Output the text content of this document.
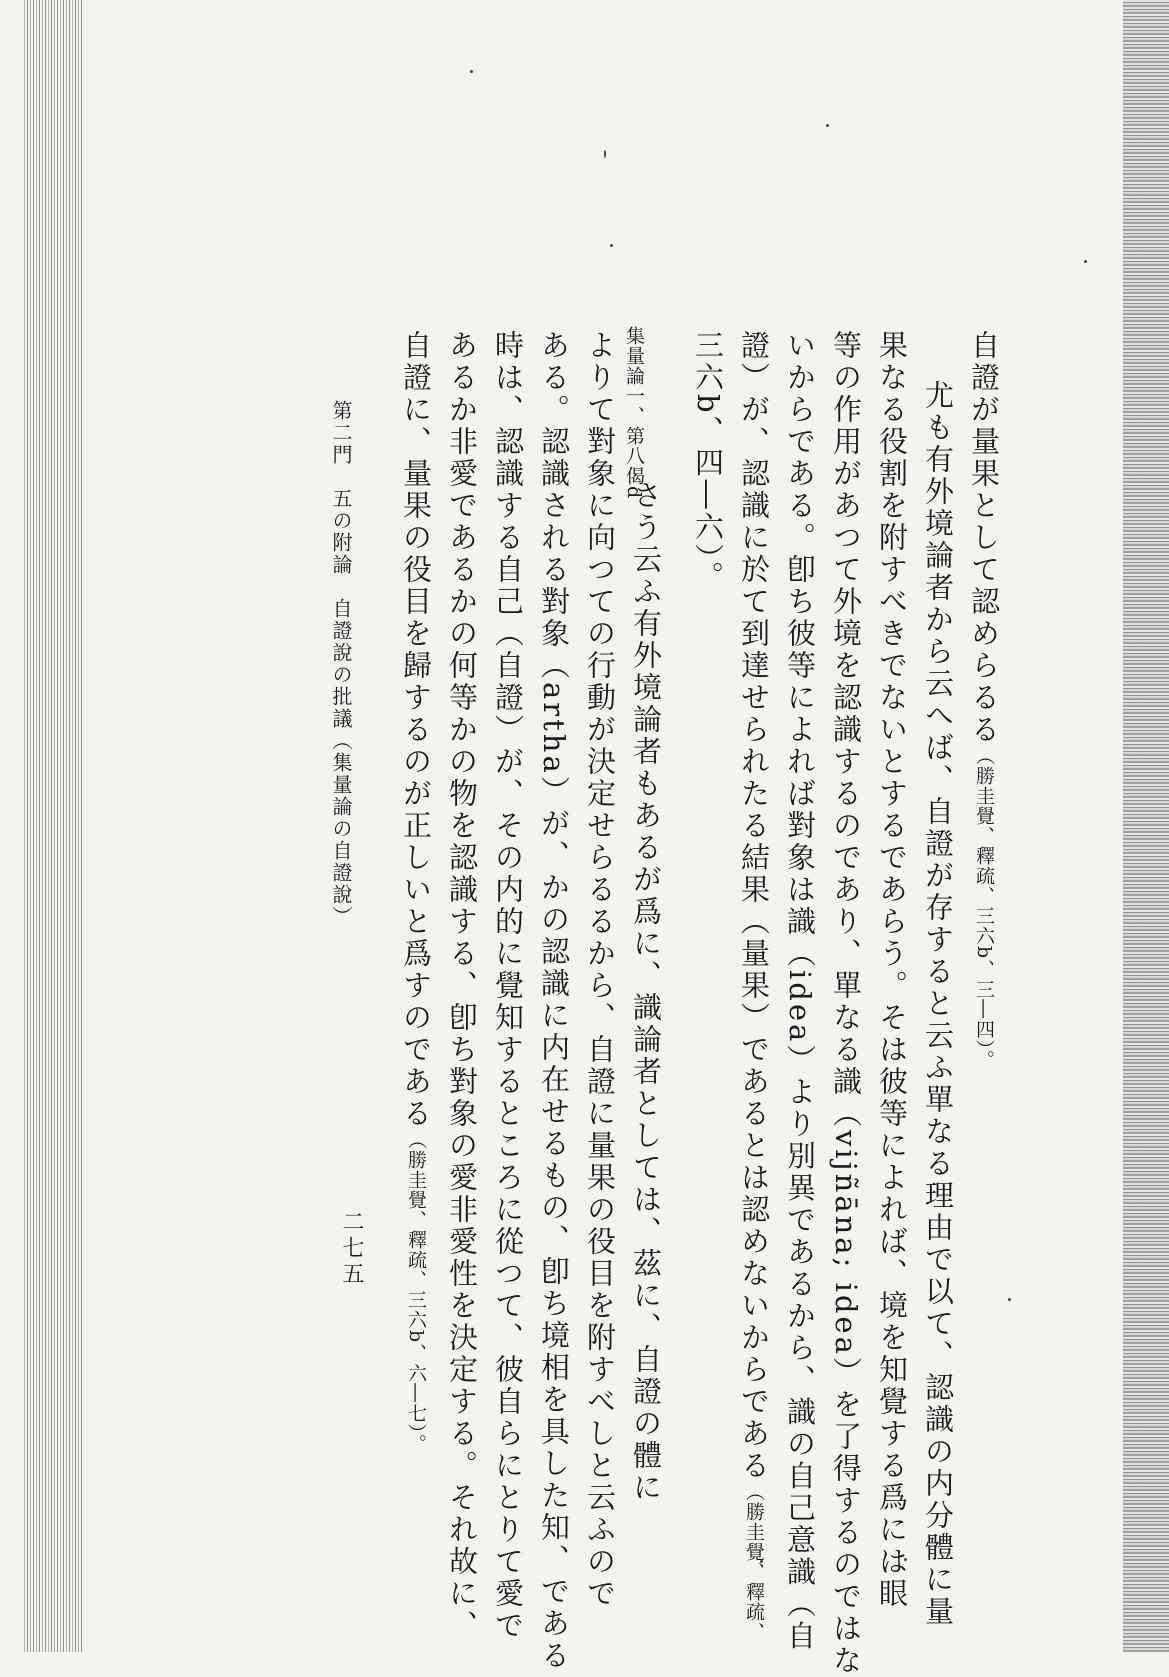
自證が量果として認めらるる（勝圭覺、釋疏、三六b、三―四）。
尤も有外境論者から云へば、自證が存すると云ふ單なる理由で以て、認識の内分體に量
果なる役割を附すべきでないとするであらう。そは彼等によれば、境を知覺する爲には眼
等の作用があつて外境を認識するのであり、單なる識（vijñāna; idea）を了得するのではな
いからである。卽ち彼等によれば對象は識（idea）より別異であるから、識の自己意識（自
證）が、認識に於て到達せられたる結果（量果）であるとは認めないからである（勝圭覺、釋疏、
三六b、四―六）。
集量論一、第八偈d
さう云ふ有外境論者もあるが爲に、識論者としては、茲に、自證の體に
よりて對象に向つての行動が決定せらるるから、自證に量果の役目を附すべしと云ふので
ある。認識される對象（artha）が、かの認識に内在せるもの、卽ち境相を具した知、である
時は、認識する自己（自證）が、その内的に覺知するところに從つて、彼自らにとりて愛で
あるか非愛であるかの何等かの物を認識する、卽ち對象の愛非愛性を決定する。それ故に、
自證に、量果の役目を歸するのが正しいと爲すのである（勝圭覺、釋疏、三六b、六―七）。
第二門　五の附論　自證說の批議（集量論の自證說）
二七五
